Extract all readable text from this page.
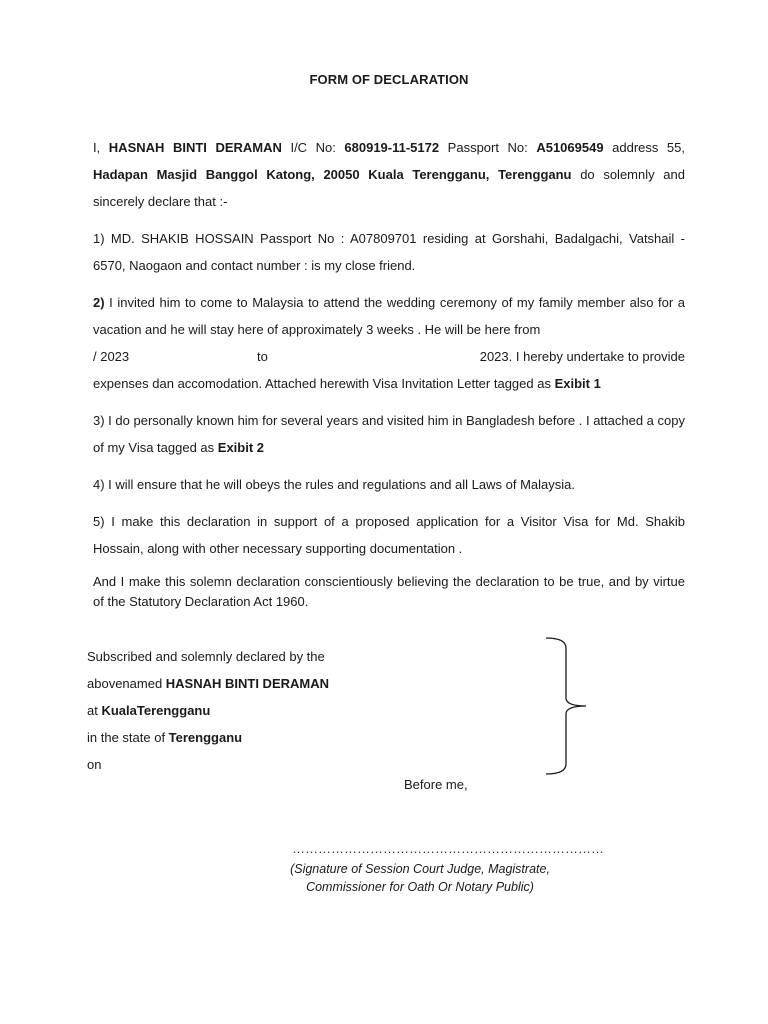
FORM OF DECLARATION

I, HASNAH BINTI DERAMAN I/C No: 680919-11-5172 Passport No: A51069549 address 55, Hadapan Masjid Banggol Katong, 20050 Kuala Terengganu, Terengganu do solemnly and sincerely declare that :-

1) MD. SHAKIB HOSSAIN Passport No : A07809701 residing at Gorshahi, Badalgachi, Vatshail - 6570, Naogaon and contact number : is my close friend.

2) I invited him to come to Malaysia to attend the wedding ceremony of my family member also for a vacation and he will stay here of approximately 3 weeks . He will be here from

/ 2023	to	2023. I hereby undertake to provide

expenses dan accomodation. Attached herewith Visa Invitation Letter tagged as Exibit 1

3) I do personally known him for several years and visited him in Bangladesh before . I attached a copy of my Visa tagged as Exibit 2

4) I will ensure that he will obeys the rules and regulations and all Laws of Malaysia.

5) I make this declaration in support of a proposed application for a Visitor Visa for Md. Shakib Hossain, along with other necessary supporting documentation .

And I make this solemn declaration conscientiously believing the declaration to be true, and by virtue of the Statutory Declaration Act 1960.

Subscribed and solemnly declared by the
abovenamed HASNAH BINTI DERAMAN
at KualaTerengganu
in the state of Terengganu
on
Before me,
………………………………………………………………
(Signature of Session Court Judge, Magistrate, Commissioner for Oath Or Notary Public)
